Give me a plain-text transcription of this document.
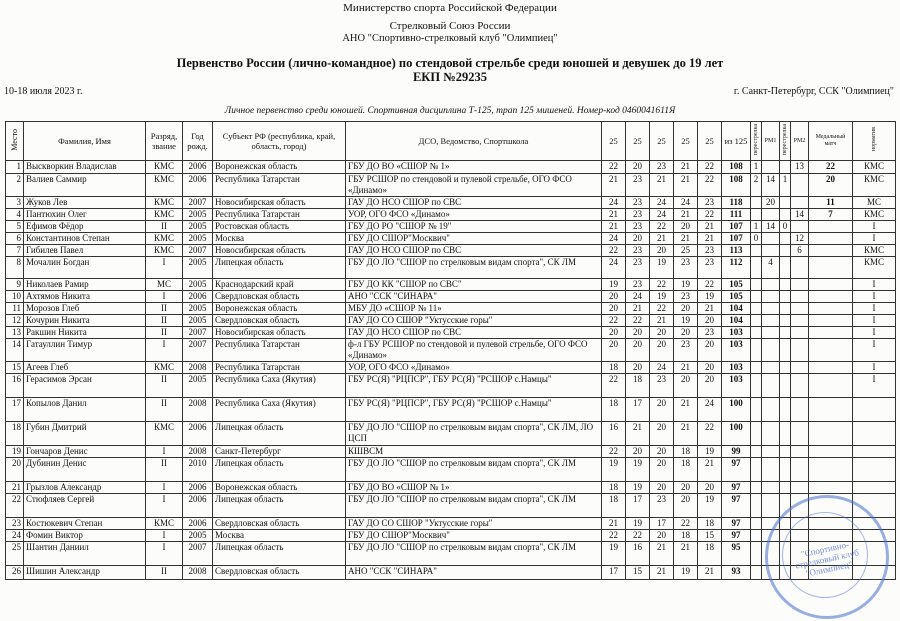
Министерство спорта Российской Федерации
Стрелковый Союз России
АНО "Спортивно-стрелковый клуб "Олимпиец"
Первенство России (лично-командное) по стендовой стрельбе среди юношей и девушек до 19 лет
ЕКП №29235
10-18 июля 2023 г.	г. Санкт-Петербург, ССК "Олимпиец"
Личное первенство среди юношей. Спортивная дисциплина Т-125, трап 125 мишеней. Номер-код 0460041611Я
Место	Фамилия, Имя	Разряд, звание	Год рожд.	Субъект РФ (республика, край, область, город)	ДСО, Ведомство, Спортшкола	25	25	25	25	25	из 125	перестрелка	РМ1	перестрелка	РМ2	Медальный матч	норматив
1	Выскворкин Владислав	КМС	2006	Воронежская область	ГБУ ДО ВО «СШОР № 1»	22	20	23	21	22	108	1			13	22	КМС
2	Валиев Саммир	КМС	2006	Республика Татарстан	ГБУ РСШОР по стендовой и пулевой стрельбе, ОГО ФСО «Динамо»	21	23	21	21	22	108	2	14	1		20	КМС
3	Жуков Лев	КМС	2007	Новосибирская область	ГАУ ДО НСО СШОР по СВС	24	23	24	24	23	118		20			11	МС
4	Пантюхин Олег	КМС	2005	Республика Татарстан	УОР, ОГО ФСО «Динамо»	21	23	24	21	22	111				14	7	КМС
5	Ефимов Фёдор	II	2005	Ростовская область	ГБУ ДО РО "СШОР № 19"	21	23	22	20	21	107	1	14	0			I
6	Константинов Степан	КМС	2005	Москва	ГБУ ДО СШОР"Москвич"	24	20	21	21	21	107	0			12		I
7	Гибилев Павел	КМС	2007	Новосибирская область	ГАУ ДО НСО СШОР по СВС	22	23	20	25	23	113				6		КМС
8	Мочалин Богдан	I	2005	Липецкая область	ГБУ ДО ЛО "СШОР по стрелковым видам спорта", СК ЛМ	24	23	19	23	23	112		4				КМС
9	Николаев Рамир	МС	2005	Краснодарский край	ГБУ ДО КК "СШОР по СВС"	19	23	22	19	22	105						I
10	Ахтямов Никита	I	2006	Свердловская область	АНО "ССК "СИНАРА"	20	24	19	23	19	105						I
11	Морозов Глеб	II	2005	Воронежская область	МБУ ДО «СШОР № 11»	20	21	22	20	21	104						I
12	Кочурин Никита	II	2005	Свердловская область	ГАУ ДО СО СШОР "Уктусские горы"	22	22	21	19	20	104						I
13	Ракшин Никита	II	2007	Новосибирская область	ГАУ ДО НСО СШОР по СВС	20	20	20	20	23	103						I
14	Гатауллин Тимур	I	2007	Республика Татарстан	ф-л ГБУ РСШОР по стендовой и пулевой стрельбе, ОГО ФСО «Динамо»	20	20	20	23	20	103						I
15	Агеев Глеб	КМС	2008	Республика Татарстан	УОР, ОГО ФСО «Динамо»	18	20	24	21	20	103						I
16	Герасимов Эрсан	II	2005	Республика Саха (Якутия)	ГБУ РС(Я) "РЦПСР", ГБУ РС(Я) "РСШОР с.Намцы"	22	18	23	20	20	103						I
17	Копылов Данил	II	2008	Республика Саха (Якутия)	ГБУ РС(Я) "РЦПСР", ГБУ РС(Я) "РСШОР с.Намцы"	18	17	20	21	24	100						
18	Губин Дмитрий	КМС	2006	Липецкая область	ГБУ ДО ЛО "СШОР по стрелковым видам спорта", СК ЛМ, ЛО ЦСП	16	21	20	21	22	100						
19	Гончаров Денис	I	2008	Санкт-Петербург	КШВСМ	22	20	20	18	19	99						
20	Дубинин Денис	II	2010	Липецкая область	ГБУ ДО ЛО "СШОР по стрелковым видам спорта", СК ЛМ	19	19	20	18	21	97						
21	Грызлов Александр	I	2006	Воронежская область	ГБУ ДО ВО «СШОР № 1»	18	19	20	20	20	97						
22	Стюфляев Сергей	I	2006	Липецкая область	ГБУ ДО ЛО "СШОР по стрелковым видам спорта", СК ЛМ	18	17	23	20	19	97						
23	Костюкевич Степан	КМС	2006	Свердловская область	ГАУ ДО СО СШОР "Уктусские горы"	21	19	17	22	18	97						
24	Фомин Виктор	I	2005	Москва	ГБУ ДО СШОР"Москвич"	22	22	20	18	15	97						
25	Шантин Даниил	I	2007	Липецкая область	ГБУ ДО ЛО "СШОР по стрелковым видам спорта", СК ЛМ	19	16	21	21	18	95						
26	Шишин Александр	II	2008	Свердловская область	АНО "ССК "СИНАРА"	17	15	21	19	21	93						
"Спортивно-
стрелковый клуб
"Олимпиец"
